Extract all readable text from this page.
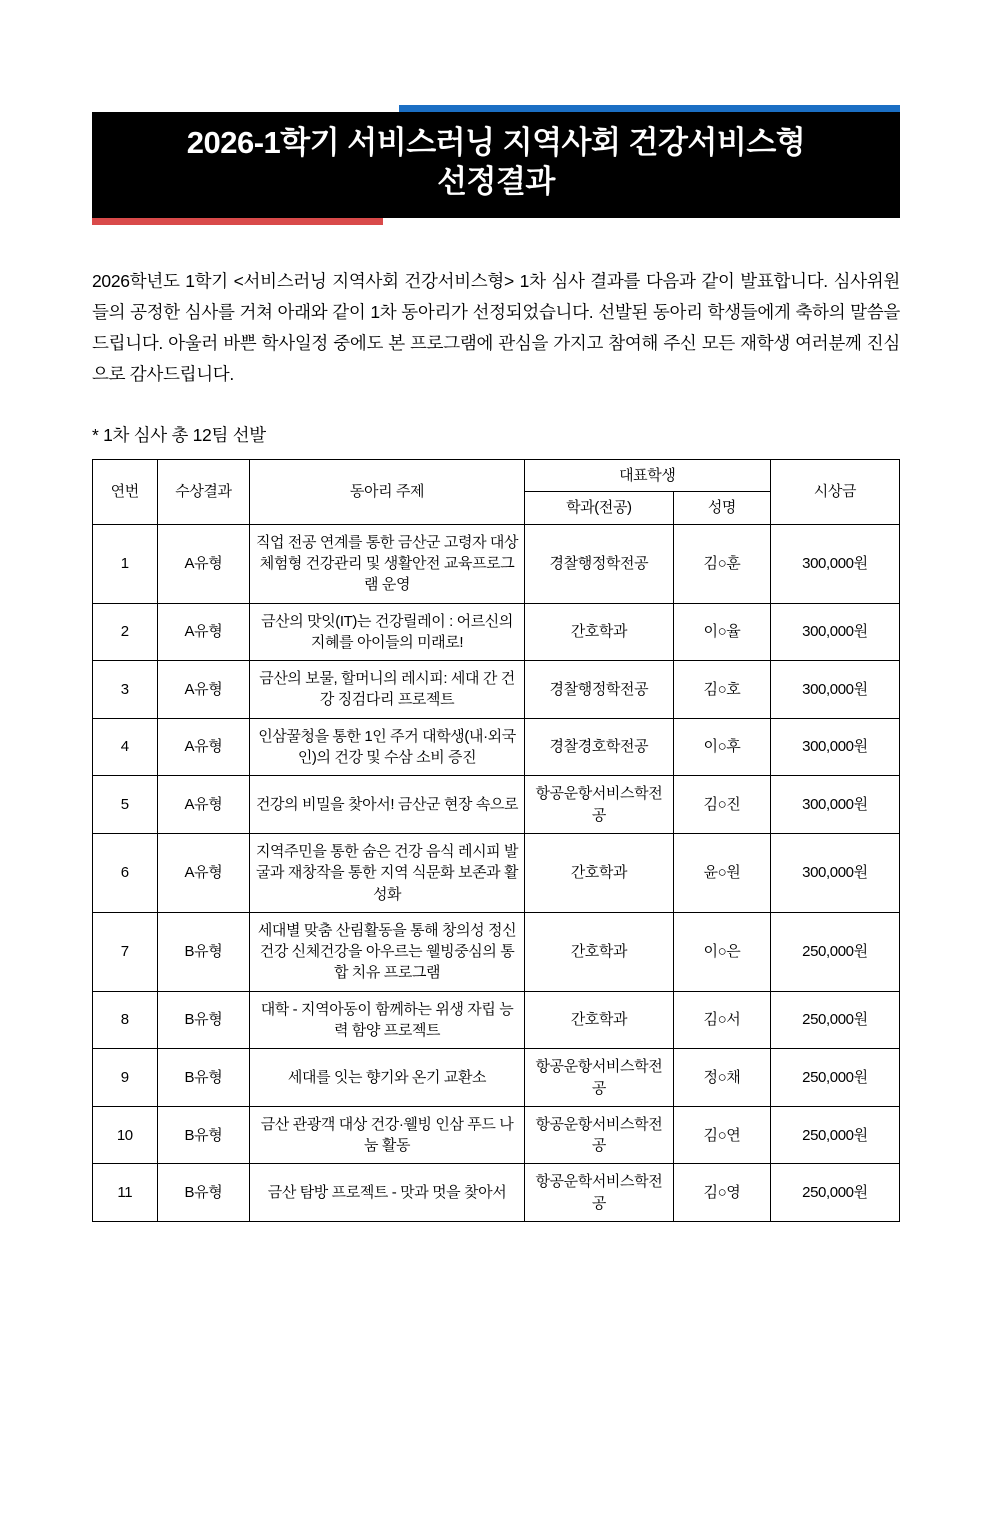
2026-1학기 서비스러닝 지역사회 건강서비스형
선정결과

2026학년도 1학기 <서비스러닝 지역사회 건강서비스형> 1차 심사 결과를 다음과 같이 발표합니다. 심사위원들의 공정한 심사를 거쳐 아래와 같이 1차 동아리가 선정되었습니다. 선발된 동아리 학생들에게 축하의 말씀을 드립니다. 아울러 바쁜 학사일정 중에도 본 프로그램에 관심을 가지고 참여해 주신 모든 재학생 여러분께 진심으로 감사드립니다.

* 1차 심사 총 12팀 선발

연번	수상결과	동아리 주제	대표학생		시상금
			학과(전공)	성명	
1	A유형	직업 전공 연계를 통한 금산군 고령자 대상 체험형 건강관리 및 생활안전 교육프로그램 운영	경찰행정학전공	김○훈	300,000원
2	A유형	금산의 맛잇(IT)는 건강릴레이 : 어르신의 지혜를 아이들의 미래로!	간호학과	이○율	300,000원
3	A유형	금산의 보물, 할머니의 레시피: 세대 간 건강 징검다리 프로젝트	경찰행정학전공	김○호	300,000원
4	A유형	인삼꿀청을 통한 1인 주거 대학생(내·외국인)의 건강 및 수삼 소비 증진	경찰경호학전공	이○후	300,000원
5	A유형	건강의 비밀을 찾아서! 금산군 현장 속으로	항공운항서비스학전공	김○진	300,000원
6	A유형	지역주민을 통한 숨은 건강 음식 레시피 발굴과 재창작을 통한 지역 식문화 보존과 활성화	간호학과	윤○원	300,000원
7	B유형	세대별 맞춤 산림활동을 통해 창의성 정신건강 신체건강을 아우르는 웰빙중심의 통합 치유 프로그램	간호학과	이○은	250,000원
8	B유형	대학 - 지역아동이 함께하는 위생 자립 능력 함양 프로젝트	간호학과	김○서	250,000원
9	B유형	세대를 잇는 향기와 온기 교환소	항공운항서비스학전공	정○채	250,000원
10	B유형	금산 관광객 대상 건강·웰빙 인삼 푸드 나눔 활동	항공운항서비스학전공	김○연	250,000원
11	B유형	금산 탐방 프로젝트 - 맛과 멋을 찾아서	항공운학서비스학전공	김○영	250,000원
